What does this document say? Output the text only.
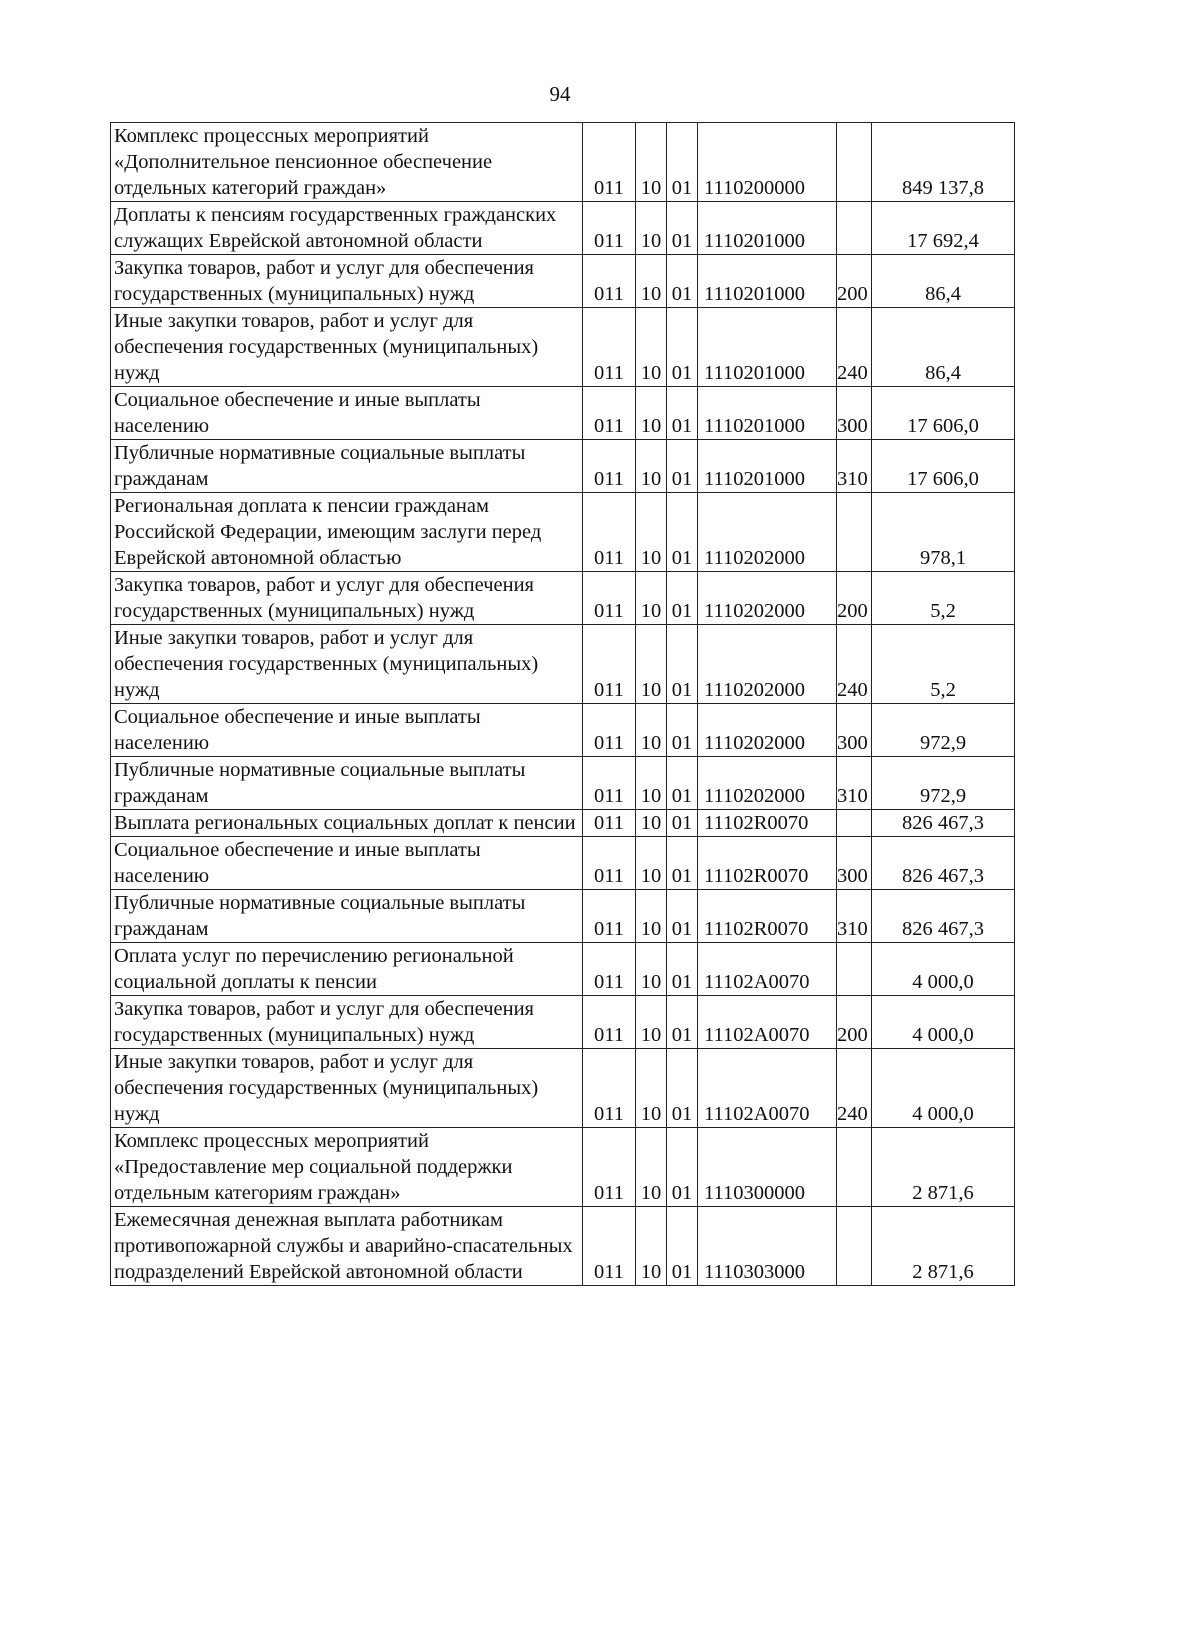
94
Комплекс процессных мероприятий «Дополнительное пенсионное обеспечение отдельных категорий граждан»	011	10	01	1110200000		849 137,8
Доплаты к пенсиям государственных гражданских служащих Еврейской автономной области	011	10	01	1110201000		17 692,4
Закупка товаров, работ и услуг для обеспечения государственных (муниципальных) нужд	011	10	01	1110201000	200	86,4
Иные закупки товаров, работ и услуг для обеспечения государственных (муниципальных) нужд	011	10	01	1110201000	240	86,4
Социальное обеспечение и иные выплаты населению	011	10	01	1110201000	300	17 606,0
Публичные нормативные социальные выплаты гражданам	011	10	01	1110201000	310	17 606,0
Региональная доплата к пенсии гражданам Российской Федерации, имеющим заслуги перед Еврейской автономной областью	011	10	01	1110202000		978,1
Закупка товаров, работ и услуг для обеспечения государственных (муниципальных) нужд	011	10	01	1110202000	200	5,2
Иные закупки товаров, работ и услуг для обеспечения государственных (муниципальных) нужд	011	10	01	1110202000	240	5,2
Социальное обеспечение и иные выплаты населению	011	10	01	1110202000	300	972,9
Публичные нормативные социальные выплаты гражданам	011	10	01	1110202000	310	972,9
Выплата региональных социальных доплат к пенсии	011	10	01	11102R0070		826 467,3
Социальное обеспечение и иные выплаты населению	011	10	01	11102R0070	300	826 467,3
Публичные нормативные социальные выплаты гражданам	011	10	01	11102R0070	310	826 467,3
Оплата услуг по перечислению региональной социальной доплаты к пенсии	011	10	01	11102A0070		4 000,0
Закупка товаров, работ и услуг для обеспечения государственных (муниципальных) нужд	011	10	01	11102A0070	200	4 000,0
Иные закупки товаров, работ и услуг для обеспечения государственных (муниципальных) нужд	011	10	01	11102A0070	240	4 000,0
Комплекс процессных мероприятий «Предоставление мер социальной поддержки отдельным категориям граждан»	011	10	01	1110300000		2 871,6
Ежемесячная денежная выплата работникам противопожарной службы и аварийно-спасательных подразделений Еврейской автономной области	011	10	01	1110303000		2 871,6
